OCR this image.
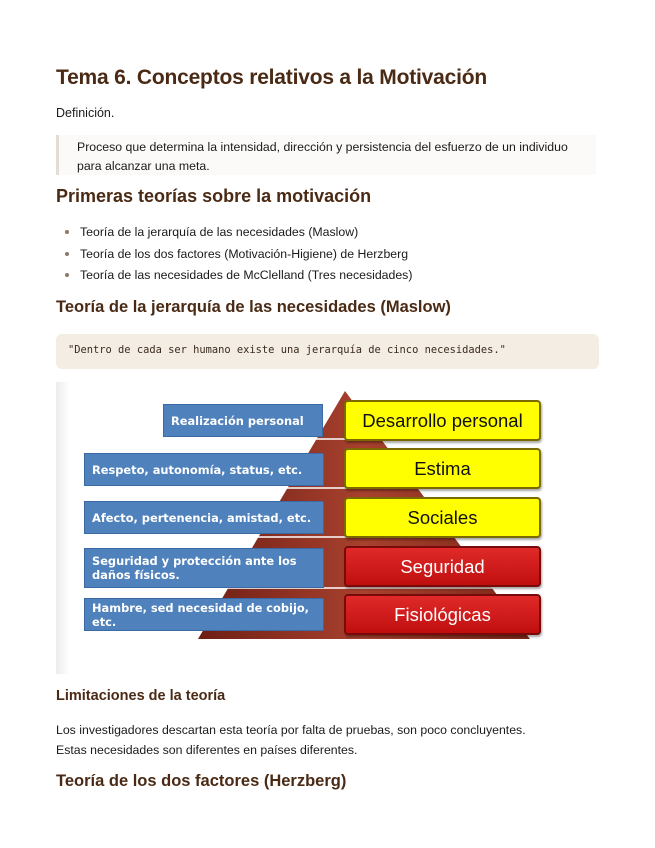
Tema 6. Conceptos relativos a la Motivación
Definición.
Proceso que determina la intensidad, dirección y persistencia del esfuerzo de un individuo para alcanzar una meta.
Primeras teorías sobre la motivación
Teoría de la jerarquía de las necesidades (Maslow)
Teoría de los dos factores (Motivación-Higiene) de Herzberg
Teoría de las necesidades de McClelland (Tres necesidades)
Teoría de la jerarquía de las necesidades (Maslow)
"Dentro de cada ser humano existe una jerarquía de cinco necesidades."
Realización personal
Respeto, autonomía, status, etc.
Afecto, pertenencia, amistad, etc.
Seguridad y protección ante los daños físicos.
Hambre, sed necesidad de cobijo, etc.
Desarrollo personal
Estima
Sociales
Seguridad
Fisiológicas
Limitaciones de la teoría
Los investigadores descartan esta teoría por falta de pruebas, son poco concluyentes.
Estas necesidades son diferentes en países diferentes.
Teoría de los dos factores (Herzberg)
